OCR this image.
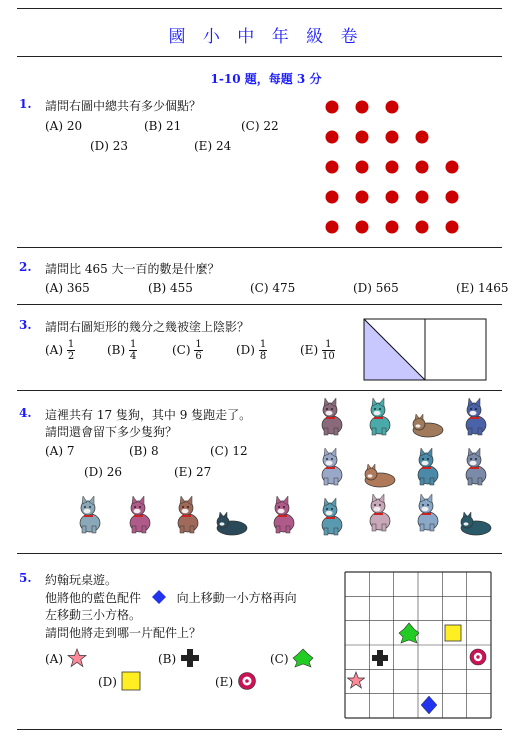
國 小 中 年 級 卷
1-10 題，每題 3 分
1. 請問右圖中總共有多少個點？
(A) 20	(B) 21	(C) 22
(D) 23	(E) 24
2. 請問比 465 大一百的數是什麼？
(A) 365	(B) 455	(C) 475	(D) 565	(E) 1465
3. 請問右圖矩形的幾分之幾被塗上陰影？
$(A) \frac{1}{2}$	$(B) \frac{1}{4}$	$(C) \frac{1}{6}$	$(D) \frac{1}{8}$	$(E) \frac{1}{10}$
4. 這裡共有 17 隻狗，其中 9 隻跑走了。
請問還會留下多少隻狗？
(A) 7	(B) 8	(C) 12
(D) 26	(E) 27
5. 約翰玩桌遊。
他將他的藍色配件	向上移動一小方格再向
左移動三小方格。
請問他將走到哪一片配件上？
(A)	(B)	(C)
(D)	(E)
